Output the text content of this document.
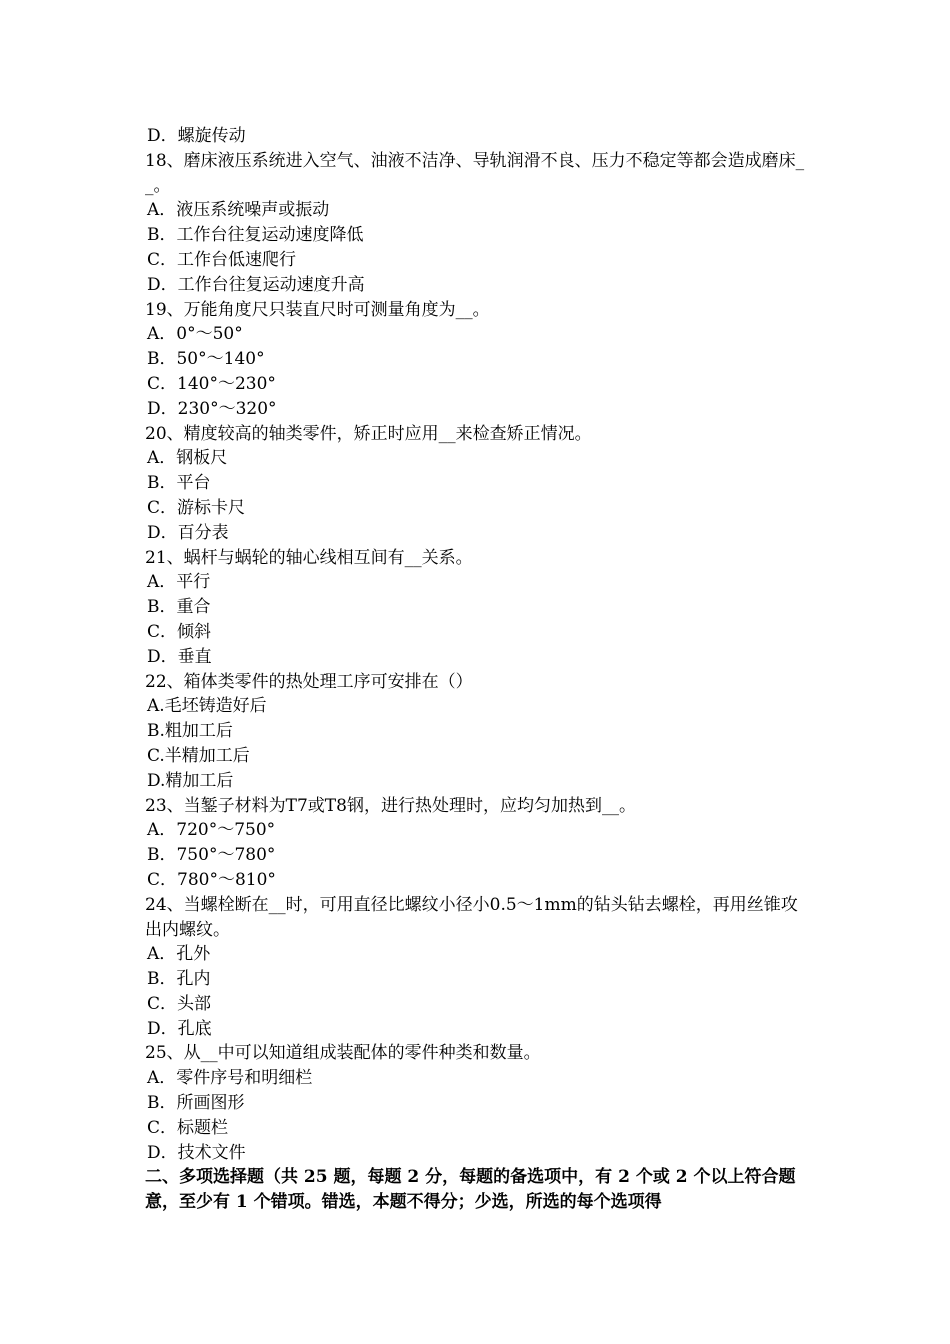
D．螺旋传动
18、磨床液压系统进入空气、油液不洁净、导轨润滑不良、压力不稳定等都会造成磨床__。
A．液压系统噪声或振动
B．工作台往复运动速度降低
C．工作台低速爬行
D．工作台往复运动速度升高
19、万能角度尺只装直尺时可测量角度为__。
A．0°～50°
B．50°～140°
C．140°～230°
D．230°～320°
20、精度较高的轴类零件，矫正时应用__来检查矫正情况。
A．钢板尺
B．平台
C．游标卡尺
D．百分表
21、蜗杆与蜗轮的轴心线相互间有__关系。
A．平行
B．重合
C．倾斜
D．垂直
22、箱体类零件的热处理工序可安排在（）
A.毛坯铸造好后
B.粗加工后
C.半精加工后
D.精加工后
23、当錾子材料为T7或T8钢，进行热处理时，应均匀加热到__。
A．720°～750°
B．750°～780°
C．780°～810°
24、当螺栓断在__时，可用直径比螺纹小径小0.5～1mm的钻头钻去螺栓，再用丝锥攻出内螺纹。
A．孔外
B．孔内
C．头部
D．孔底
25、从__中可以知道组成装配体的零件种类和数量。
A．零件序号和明细栏
B．所画图形
C．标题栏
D．技术文件
二、多项选择题（共 25 题，每题 2 分，每题的备选项中，有 2 个或 2 个以上符合题意，至少有 1 个错项。错选，本题不得分；少选，所选的每个选项得
